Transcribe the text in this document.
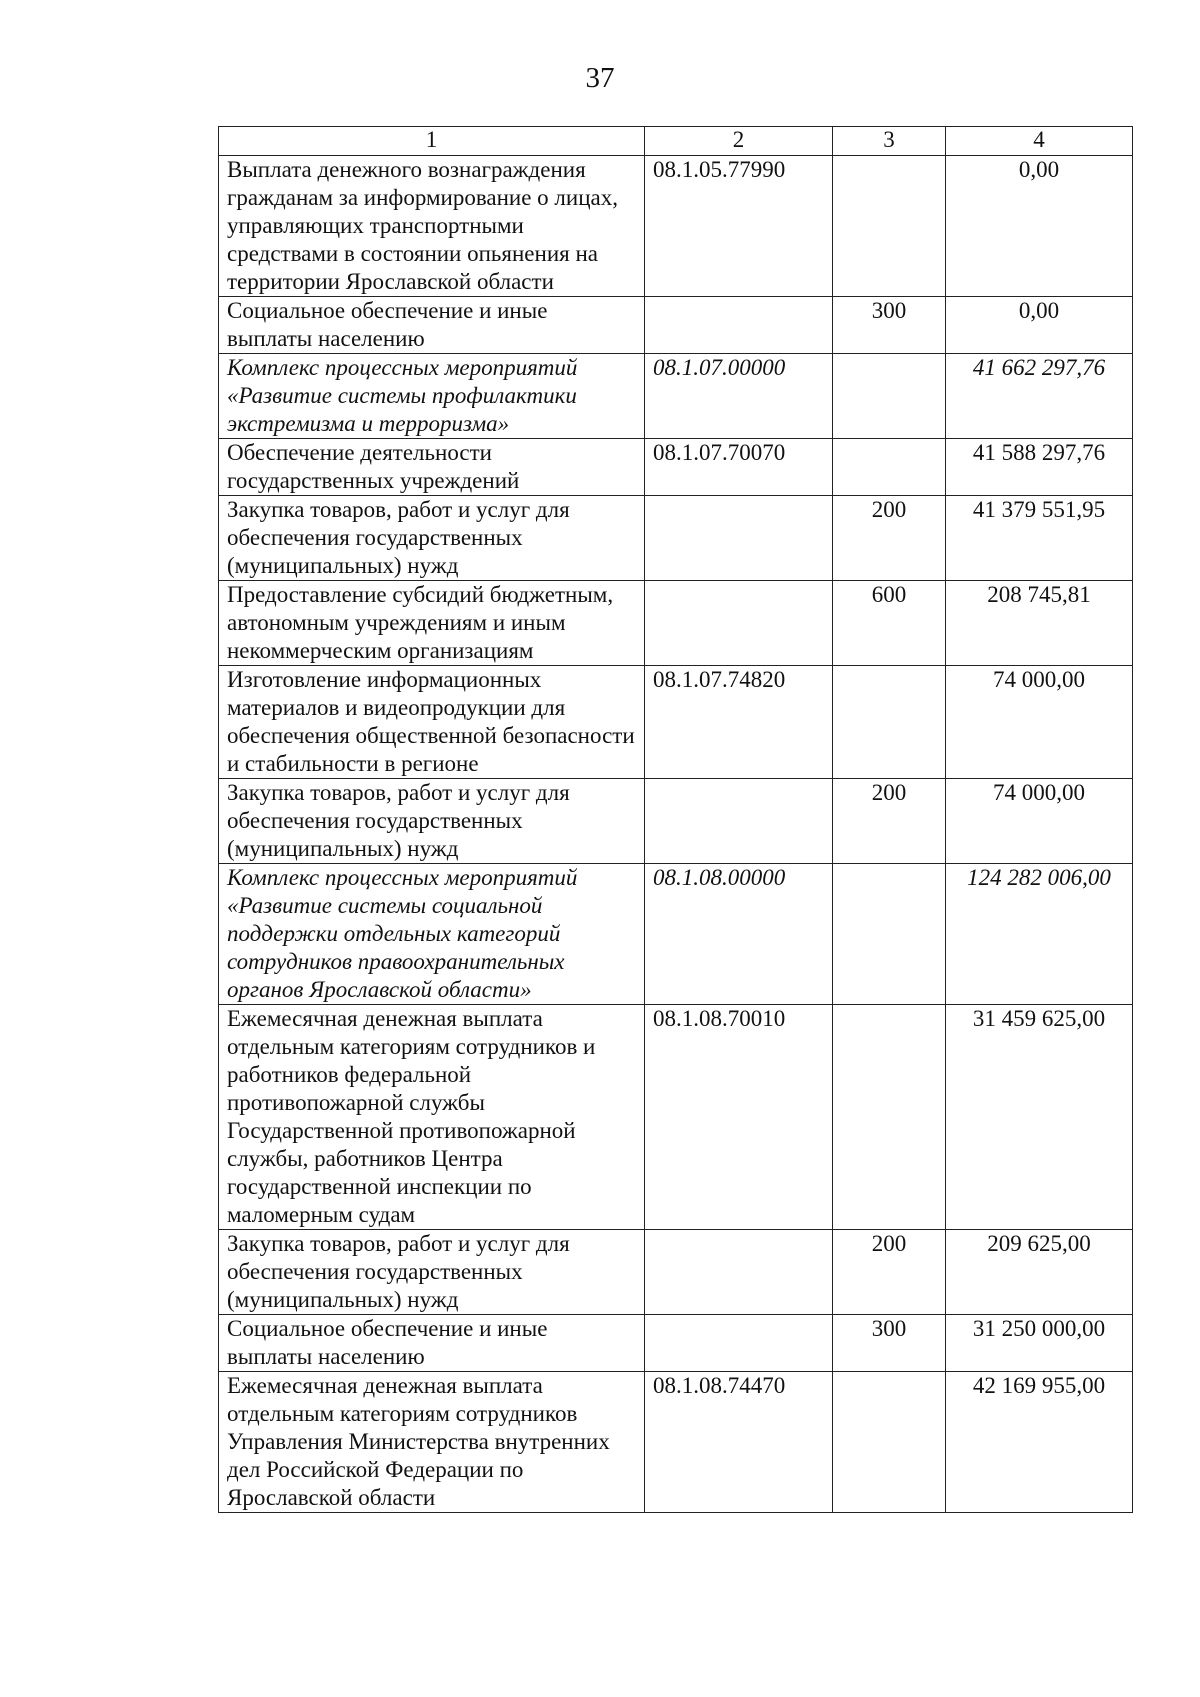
37
1	2	3	4
Выплата денежного вознаграждения гражданам за информирование о лицах, управляющих транспортными средствами в состоянии опьянения на территории Ярославской области	08.1.05.77990		0,00
Социальное обеспечение и иные выплаты населению		300	0,00
Комплекс процессных мероприятий «Развитие системы профилактики экстремизма и терроризма»	08.1.07.00000		41 662 297,76
Обеспечение деятельности государственных учреждений	08.1.07.70070		41 588 297,76
Закупка товаров, работ и услуг для обеспечения государственных (муниципальных) нужд		200	41 379 551,95
Предоставление субсидий бюджетным, автономным учреждениям и иным некоммерческим организациям		600	208 745,81
Изготовление информационных материалов и видеопродукции для обеспечения общественной безопасности и стабильности в регионе	08.1.07.74820		74 000,00
Закупка товаров, работ и услуг для обеспечения государственных (муниципальных) нужд		200	74 000,00
Комплекс процессных мероприятий «Развитие системы социальной поддержки отдельных категорий сотрудников правоохранительных органов Ярославской области»	08.1.08.00000		124 282 006,00
Ежемесячная денежная выплата отдельным категориям сотрудников и работников федеральной противопожарной службы Государственной противопожарной службы, работников Центра государственной инспекции по маломерным судам	08.1.08.70010		31 459 625,00
Закупка товаров, работ и услуг для обеспечения государственных (муниципальных) нужд		200	209 625,00
Социальное обеспечение и иные выплаты населению		300	31 250 000,00
Ежемесячная денежная выплата отдельным категориям сотрудников Управления Министерства внутренних дел Российской Федерации по Ярославской области	08.1.08.74470		42 169 955,00
